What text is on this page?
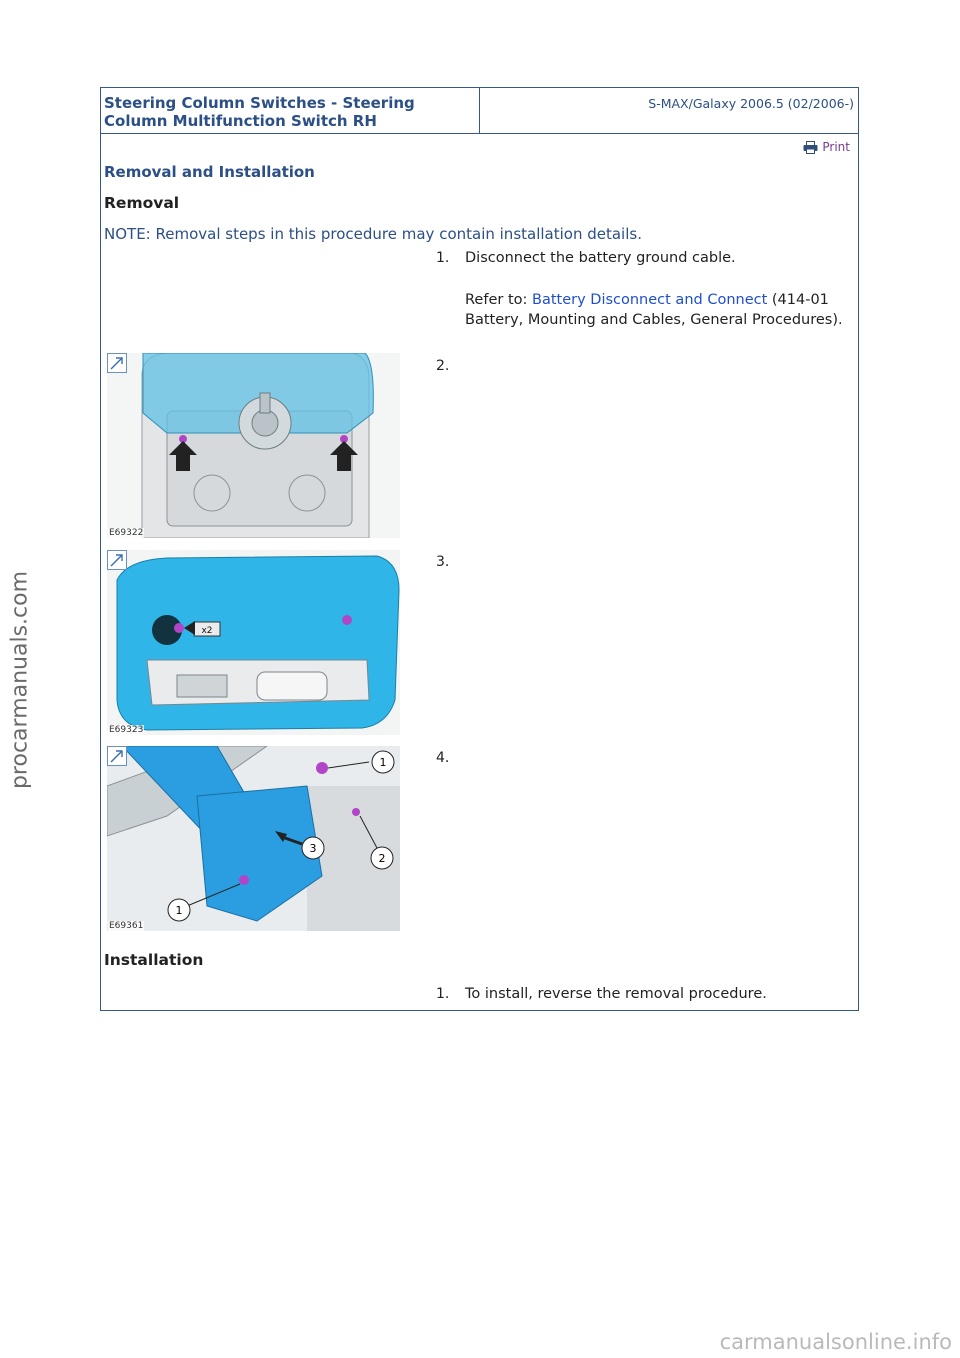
Steering Column Switches - Steering Column Multifunction Switch RH
S-MAX/Galaxy 2006.5 (02/2006-)
Print
Removal and Installation
Removal
NOTE: Removal steps in this procedure may contain installation details.
1. Disconnect the battery ground cable.
Refer to: Battery Disconnect and Connect (414-01 Battery, Mounting and Cables, General Procedures).
2.
E69322
3.
x2
E69323
4.
1
2
3
1
E69361
Installation
1. To install, reverse the removal procedure.
procarmanuals.com
carmanualsonline.info
